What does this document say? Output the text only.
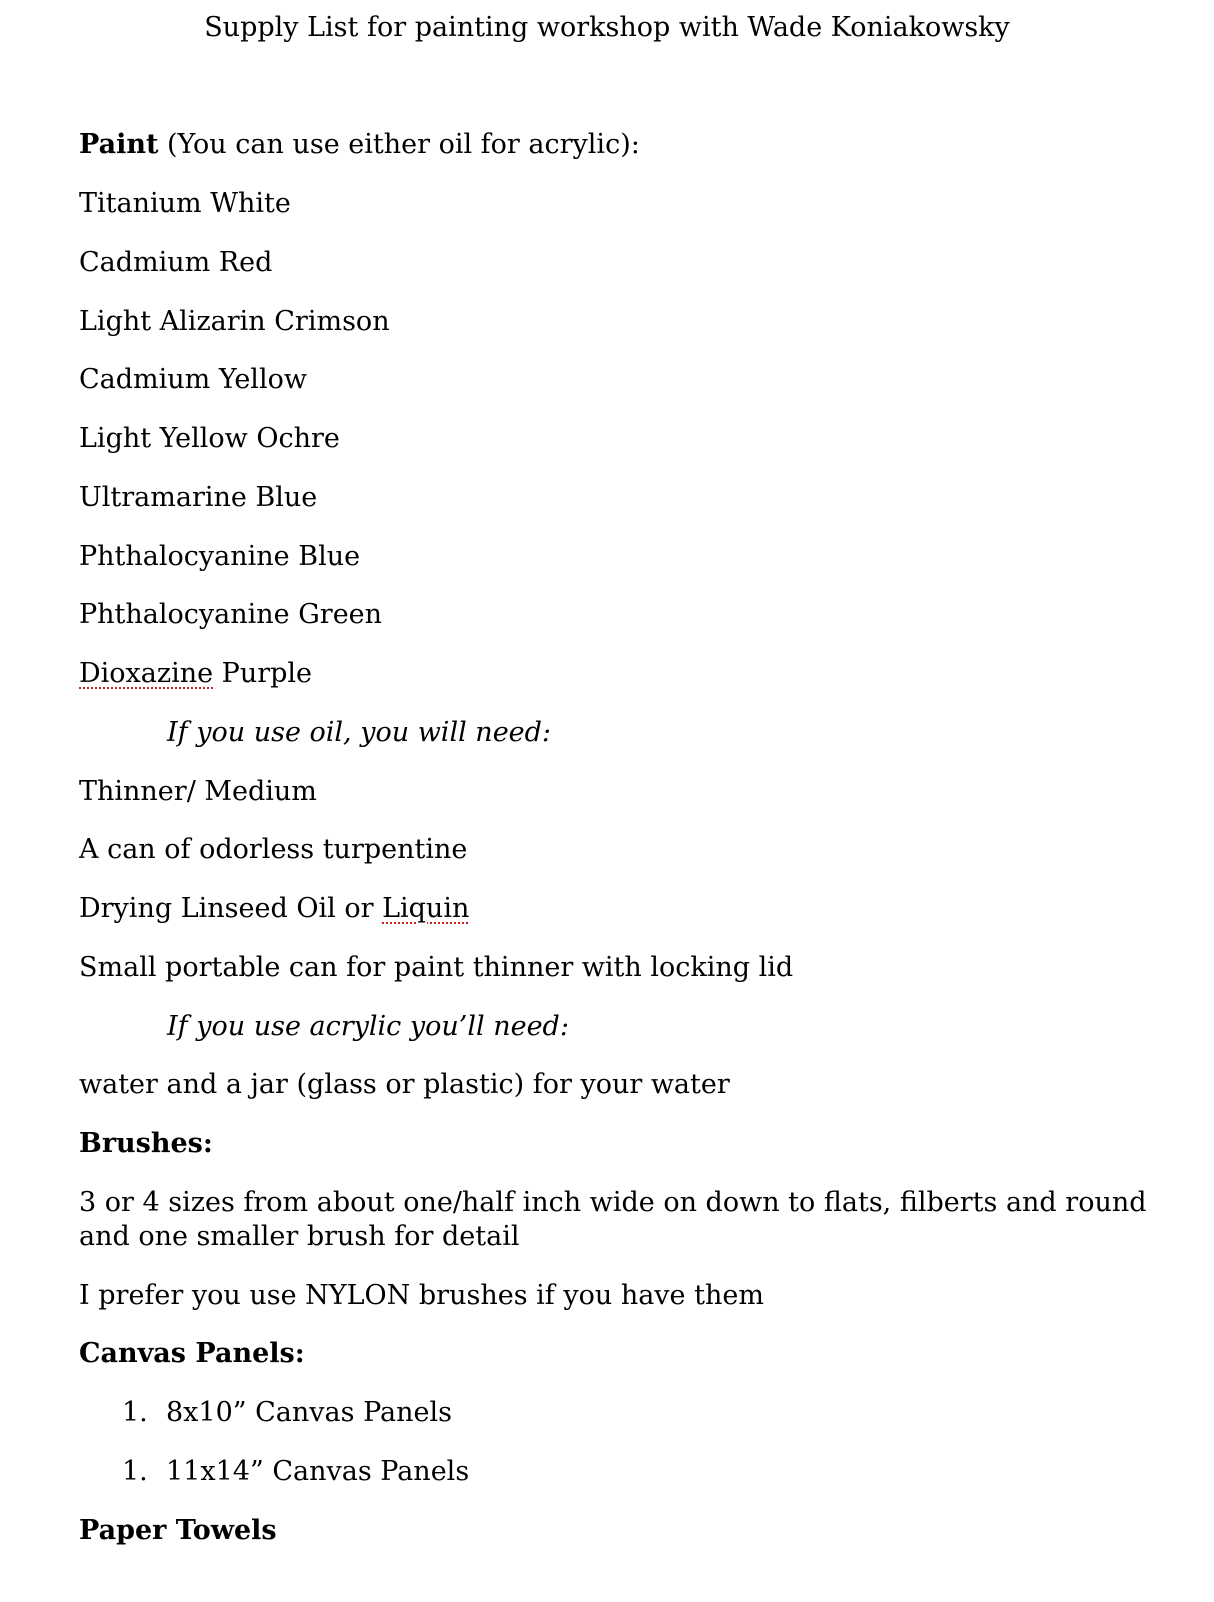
Supply List for painting workshop with Wade Koniakowsky
Paint (You can use either oil for acrylic):
Titanium White
Cadmium Red
Light Alizarin Crimson
Cadmium Yellow
Light Yellow Ochre
Ultramarine Blue
Phthalocyanine Blue
Phthalocyanine Green
Dioxazine Purple
If you use oil, you will need:
Thinner/ Medium
A can of odorless turpentine
Drying Linseed Oil or Liquin
Small portable can for paint thinner with locking lid
If you use acrylic you’ll need:
water and a jar (glass or plastic) for your water
Brushes:
3 or 4 sizes from about one/half inch wide on down to flats, filberts and round and one smaller brush for detail
I prefer you use NYLON brushes if you have them
Canvas Panels:
1. 8x10” Canvas Panels
1. 11x14” Canvas Panels
Paper Towels
